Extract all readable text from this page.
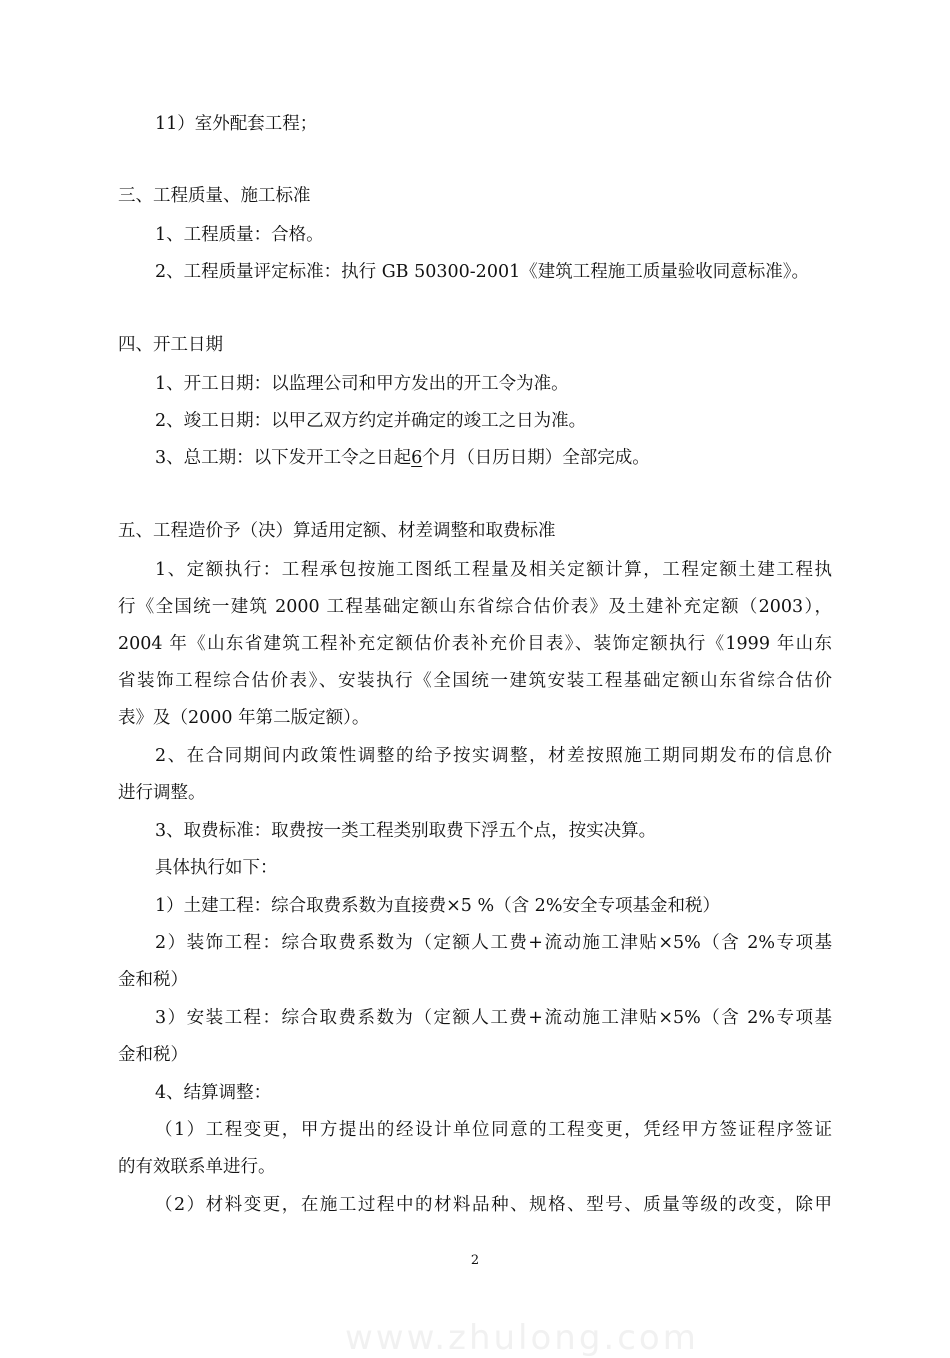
11）室外配套工程；
三、工程质量、施工标准
1、工程质量：合格。
2、工程质量评定标准：执行 GB 50300-2001《建筑工程施工质量验收同意标准》。
四、开工日期
1、开工日期：以监理公司和甲方发出的开工令为准。
2、竣工日期：以甲乙双方约定并确定的竣工之日为准。
3、总工期：以下发开工令之日起6个月（日历日期）全部完成。
五、工程造价予（决）算适用定额、材差调整和取费标准
1、定额执行：工程承包按施工图纸工程量及相关定额计算，工程定额土建工程执
行《全国统一建筑 2000 工程基础定额山东省综合估价表》及土建补充定额（2003），
2004 年《山东省建筑工程补充定额估价表补充价目表》、装饰定额执行《1999 年山东
省装饰工程综合估价表》、安装执行《全国统一建筑安装工程基础定额山东省综合估价
表》及（2000 年第二版定额）。
2、在合同期间内政策性调整的给予按实调整，材差按照施工期同期发布的信息价
进行调整。
3、取费标准：取费按一类工程类别取费下浮五个点，按实决算。
具体执行如下：
1）土建工程：综合取费系数为直接费×5 %（含 2%安全专项基金和税）
2）装饰工程：综合取费系数为（定额人工费+流动施工津贴×5%（含 2%专项基
金和税）
3）安装工程：综合取费系数为（定额人工费+流动施工津贴×5%（含 2%专项基
金和税）
4、结算调整：
（1）工程变更，甲方提出的经设计单位同意的工程变更，凭经甲方签证程序签证
的有效联系单进行。
（2）材料变更，在施工过程中的材料品种、规格、型号、质量等级的改变，除甲
2
www.zhulong.com
